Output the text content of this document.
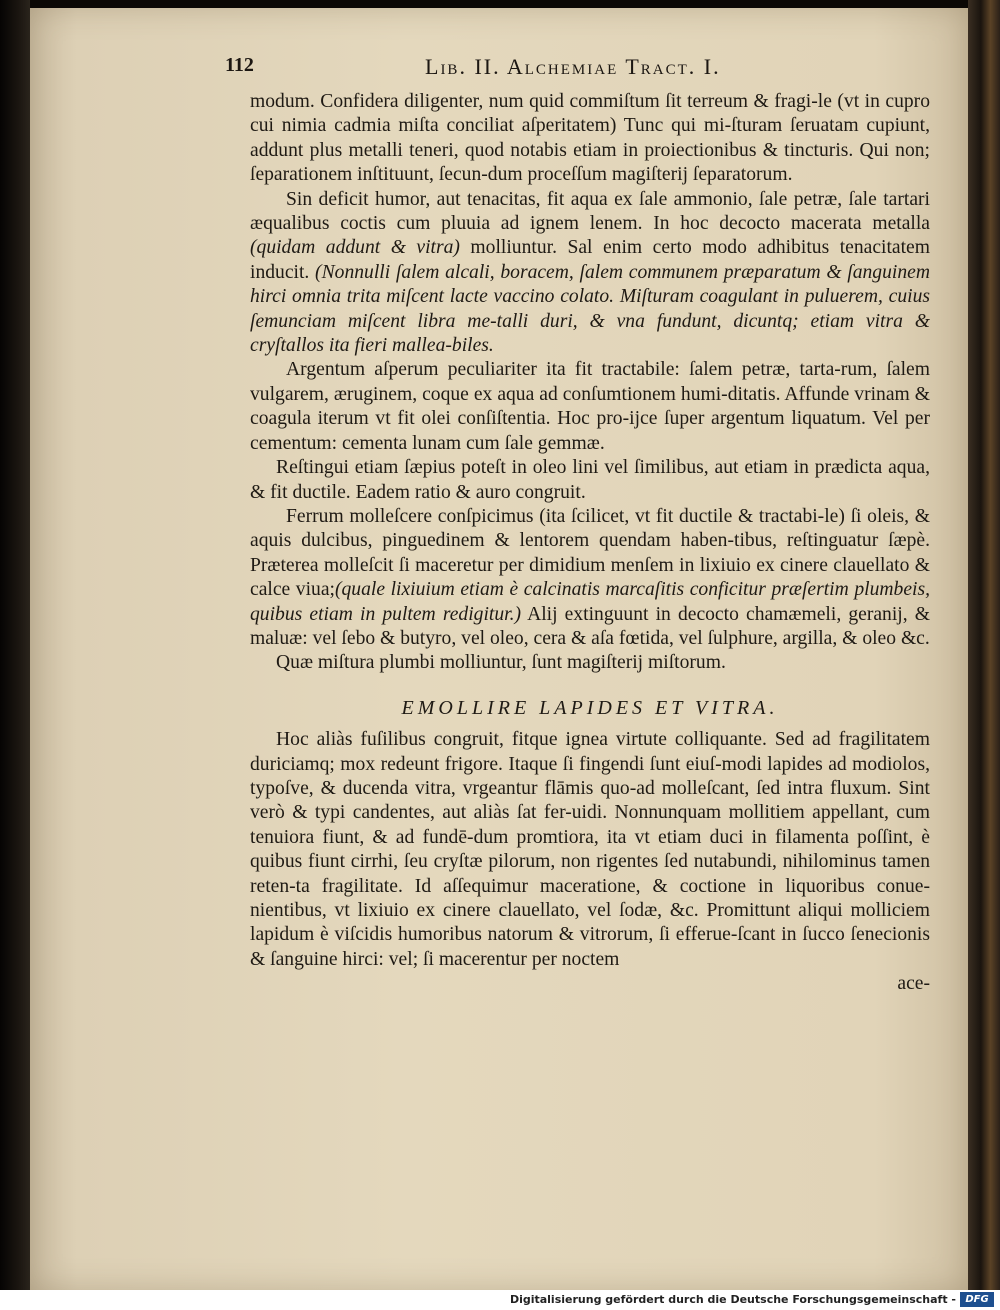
112	Lib. II. Alchemiae Tract. I.

modum. Confidera diligenter, num quid commiſtum ſit terreum & fragi-le (vt in cupro cui nimia cadmia miſta conciliat aſperitatem) Tunc qui mi-ſturam ſeruatam cupiunt, addunt plus metalli teneri, quod notabis etiam in proiectionibus & tincturis. Qui non; ſeparationem inſtituunt, ſecun-dum proceſſum magiſterij ſeparatorum.

Sin deficit humor, aut tenacitas, fit aqua ex ſale ammonio, ſale petræ, ſale tartari æqualibus coctis cum pluuia ad ignem lenem. In hoc decocto macerata metalla (quidam addunt & vitra) molliuntur. Sal enim certo modo adhibitus tenacitatem inducit. (Nonnulli ſalem alcali, boracem, ſalem communem præparatum & ſanguinem hirci omnia trita miſcent lacte vaccino colato. Miſturam coagulant in puluerem, cuius ſemunciam miſcent libra me-talli duri, & vna fundunt, dicuntq; etiam vitra & cryſtallos ita fieri mallea-biles.

Argentum aſperum peculiariter ita fit tractabile: ſalem petræ, tarta-rum, ſalem vulgarem, æruginem, coque ex aqua ad conſumtionem humi-ditatis. Affunde vrinam & coagula iterum vt fit olei conſiſtentia. Hoc pro-ijce ſuper argentum liquatum. Vel per cementum: cementa lunam cum ſale gemmæ.

Reſtingui etiam ſæpius poteſt in oleo lini vel ſimilibus, aut etiam in prædicta aqua, & fit ductile. Eadem ratio & auro congruit.

Ferrum molleſcere conſpicimus (ita ſcilicet, vt fit ductile & tractabi-le) ſi oleis, & aquis dulcibus, pinguedinem & lentorem quendam haben-tibus, reſtinguatur ſæpè. Præterea molleſcit ſi maceretur per dimidium menſem in lixiuio ex cinere clauellato & calce viua;(quale lixiuium etiam è calcinatis marcaſitis conficitur præſertim plumbeis, quibus etiam in pultem redigitur.) Alij extinguunt in decocto chamæmeli, geranij, & maluæ: vel ſebo & butyro, vel oleo, cera & aſa fœtida, vel ſulphure, argilla, & oleo &c.

Quæ miſtura plumbi molliuntur, ſunt magiſterij miſtorum.

EMOLLIRE LAPIDES ET VITRA.

Hoc aliàs fuſilibus congruit, fitque ignea virtute colliquante. Sed ad fragilitatem duriciamq; mox redeunt frigore. Itaque ſi fingendi ſunt eiuſ-modi lapides ad modiolos, typoſve, & ducenda vitra, vrgeantur flāmis quo-ad molleſcant, ſed intra fluxum. Sint verò & typi candentes, aut aliàs ſat fer-uidi. Nonnunquam mollitiem appellant, cum tenuiora fiunt, & ad fundē-dum promtiora, ita vt etiam duci in filamenta poſſint, è quibus fiunt cirrhi, ſeu cryſtæ pilorum, non rigentes ſed nutabundi, nihilominus tamen reten-ta fragilitate. Id aſſequimur maceratione, & coctione in liquoribus conue-nientibus, vt lixiuio ex cinere clauellato, vel ſodæ, &c. Promittunt aliqui molliciem lapidum è viſcidis humoribus natorum & vitrorum, ſi efferue-ſcant in ſucco ſenecionis & ſanguine hirci: vel; ſi macerentur per noctem

ace-

Digitalisierung gefördert durch die Deutsche Forschungsgemeinschaft - DFG
